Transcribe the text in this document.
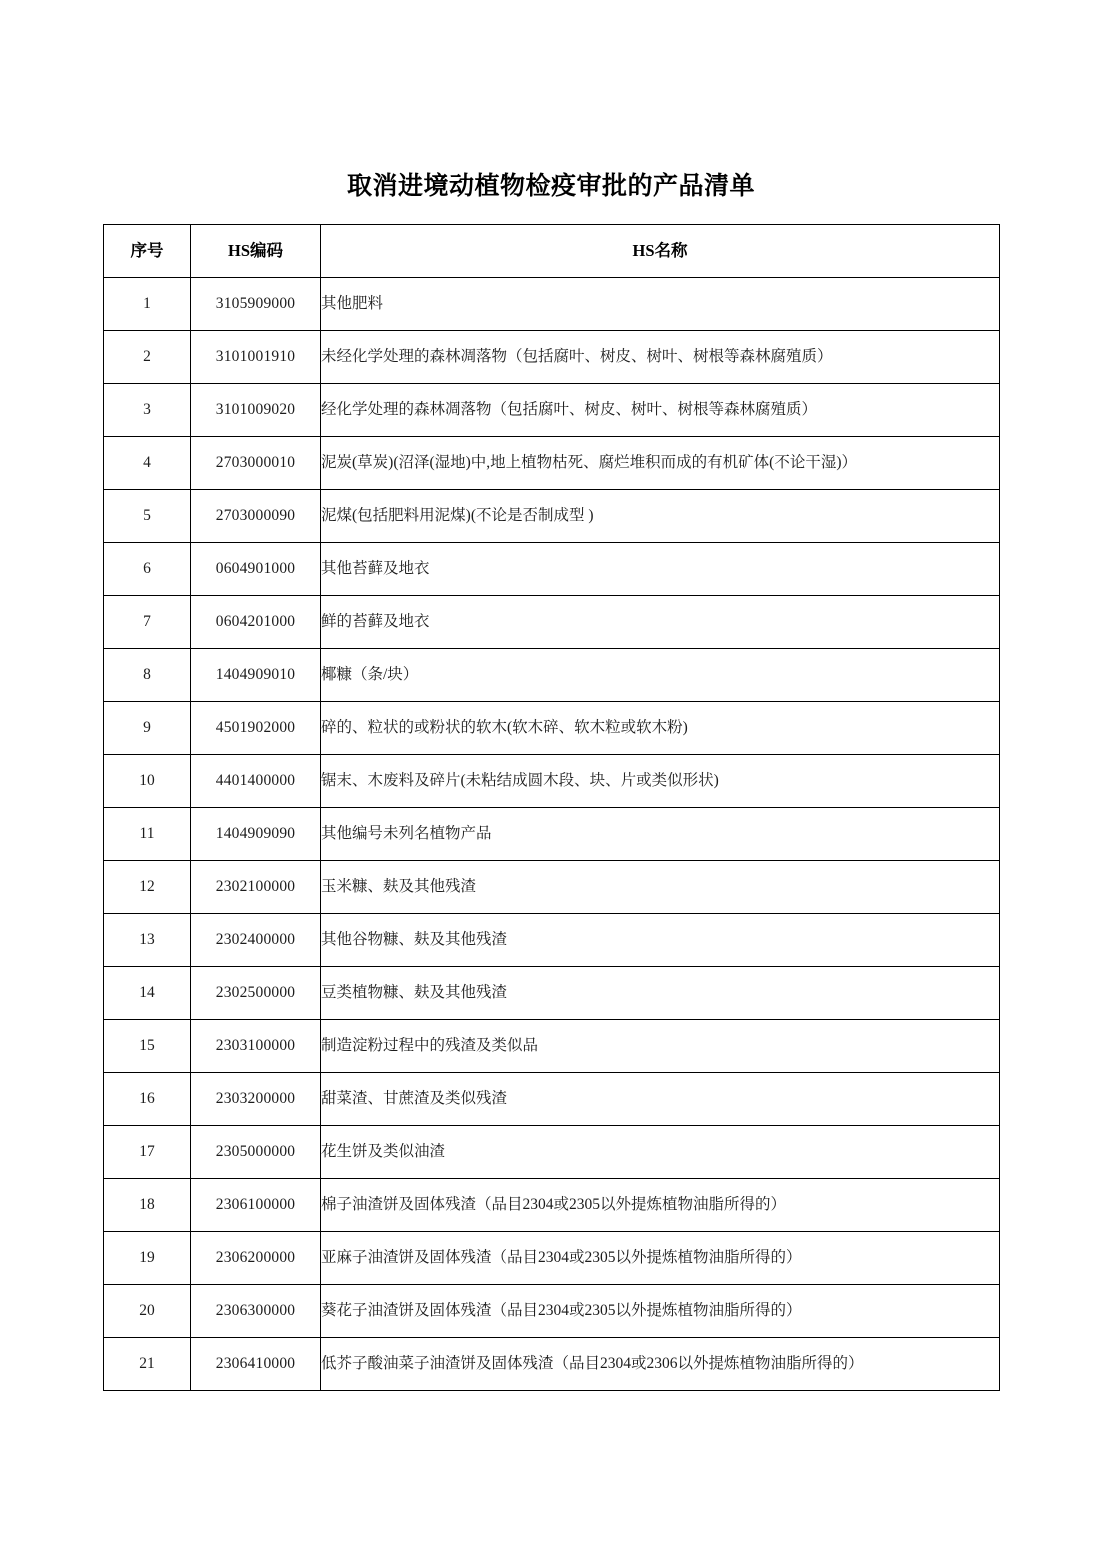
取消进境动植物检疫审批的产品清单
序号	HS编码	HS名称
1	3105909000	其他肥料
2	3101001910	未经化学处理的森林凋落物（包括腐叶、树皮、树叶、树根等森林腐殖质）
3	3101009020	经化学处理的森林凋落物（包括腐叶、树皮、树叶、树根等森林腐殖质）
4	2703000010	泥炭(草炭)(沼泽(湿地)中,地上植物枯死、腐烂堆积而成的有机矿体(不论干湿)）
5	2703000090	泥煤(包括肥料用泥煤)(不论是否制成型 )
6	0604901000	其他苔藓及地衣
7	0604201000	鲜的苔藓及地衣
8	1404909010	椰糠（条/块）
9	4501902000	碎的、粒状的或粉状的软木(软木碎、软木粒或软木粉)
10	4401400000	锯末、木废料及碎片(未粘结成圆木段、块、片或类似形状)
11	1404909090	其他编号未列名植物产品
12	2302100000	玉米糠、麸及其他残渣
13	2302400000	其他谷物糠、麸及其他残渣
14	2302500000	豆类植物糠、麸及其他残渣
15	2303100000	制造淀粉过程中的残渣及类似品
16	2303200000	甜菜渣、甘蔗渣及类似残渣
17	2305000000	花生饼及类似油渣
18	2306100000	棉子油渣饼及固体残渣（品目2304或2305以外提炼植物油脂所得的）
19	2306200000	亚麻子油渣饼及固体残渣（品目2304或2305以外提炼植物油脂所得的）
20	2306300000	葵花子油渣饼及固体残渣（品目2304或2305以外提炼植物油脂所得的）
21	2306410000	低芥子酸油菜子油渣饼及固体残渣（品目2304或2306以外提炼植物油脂所得的）
